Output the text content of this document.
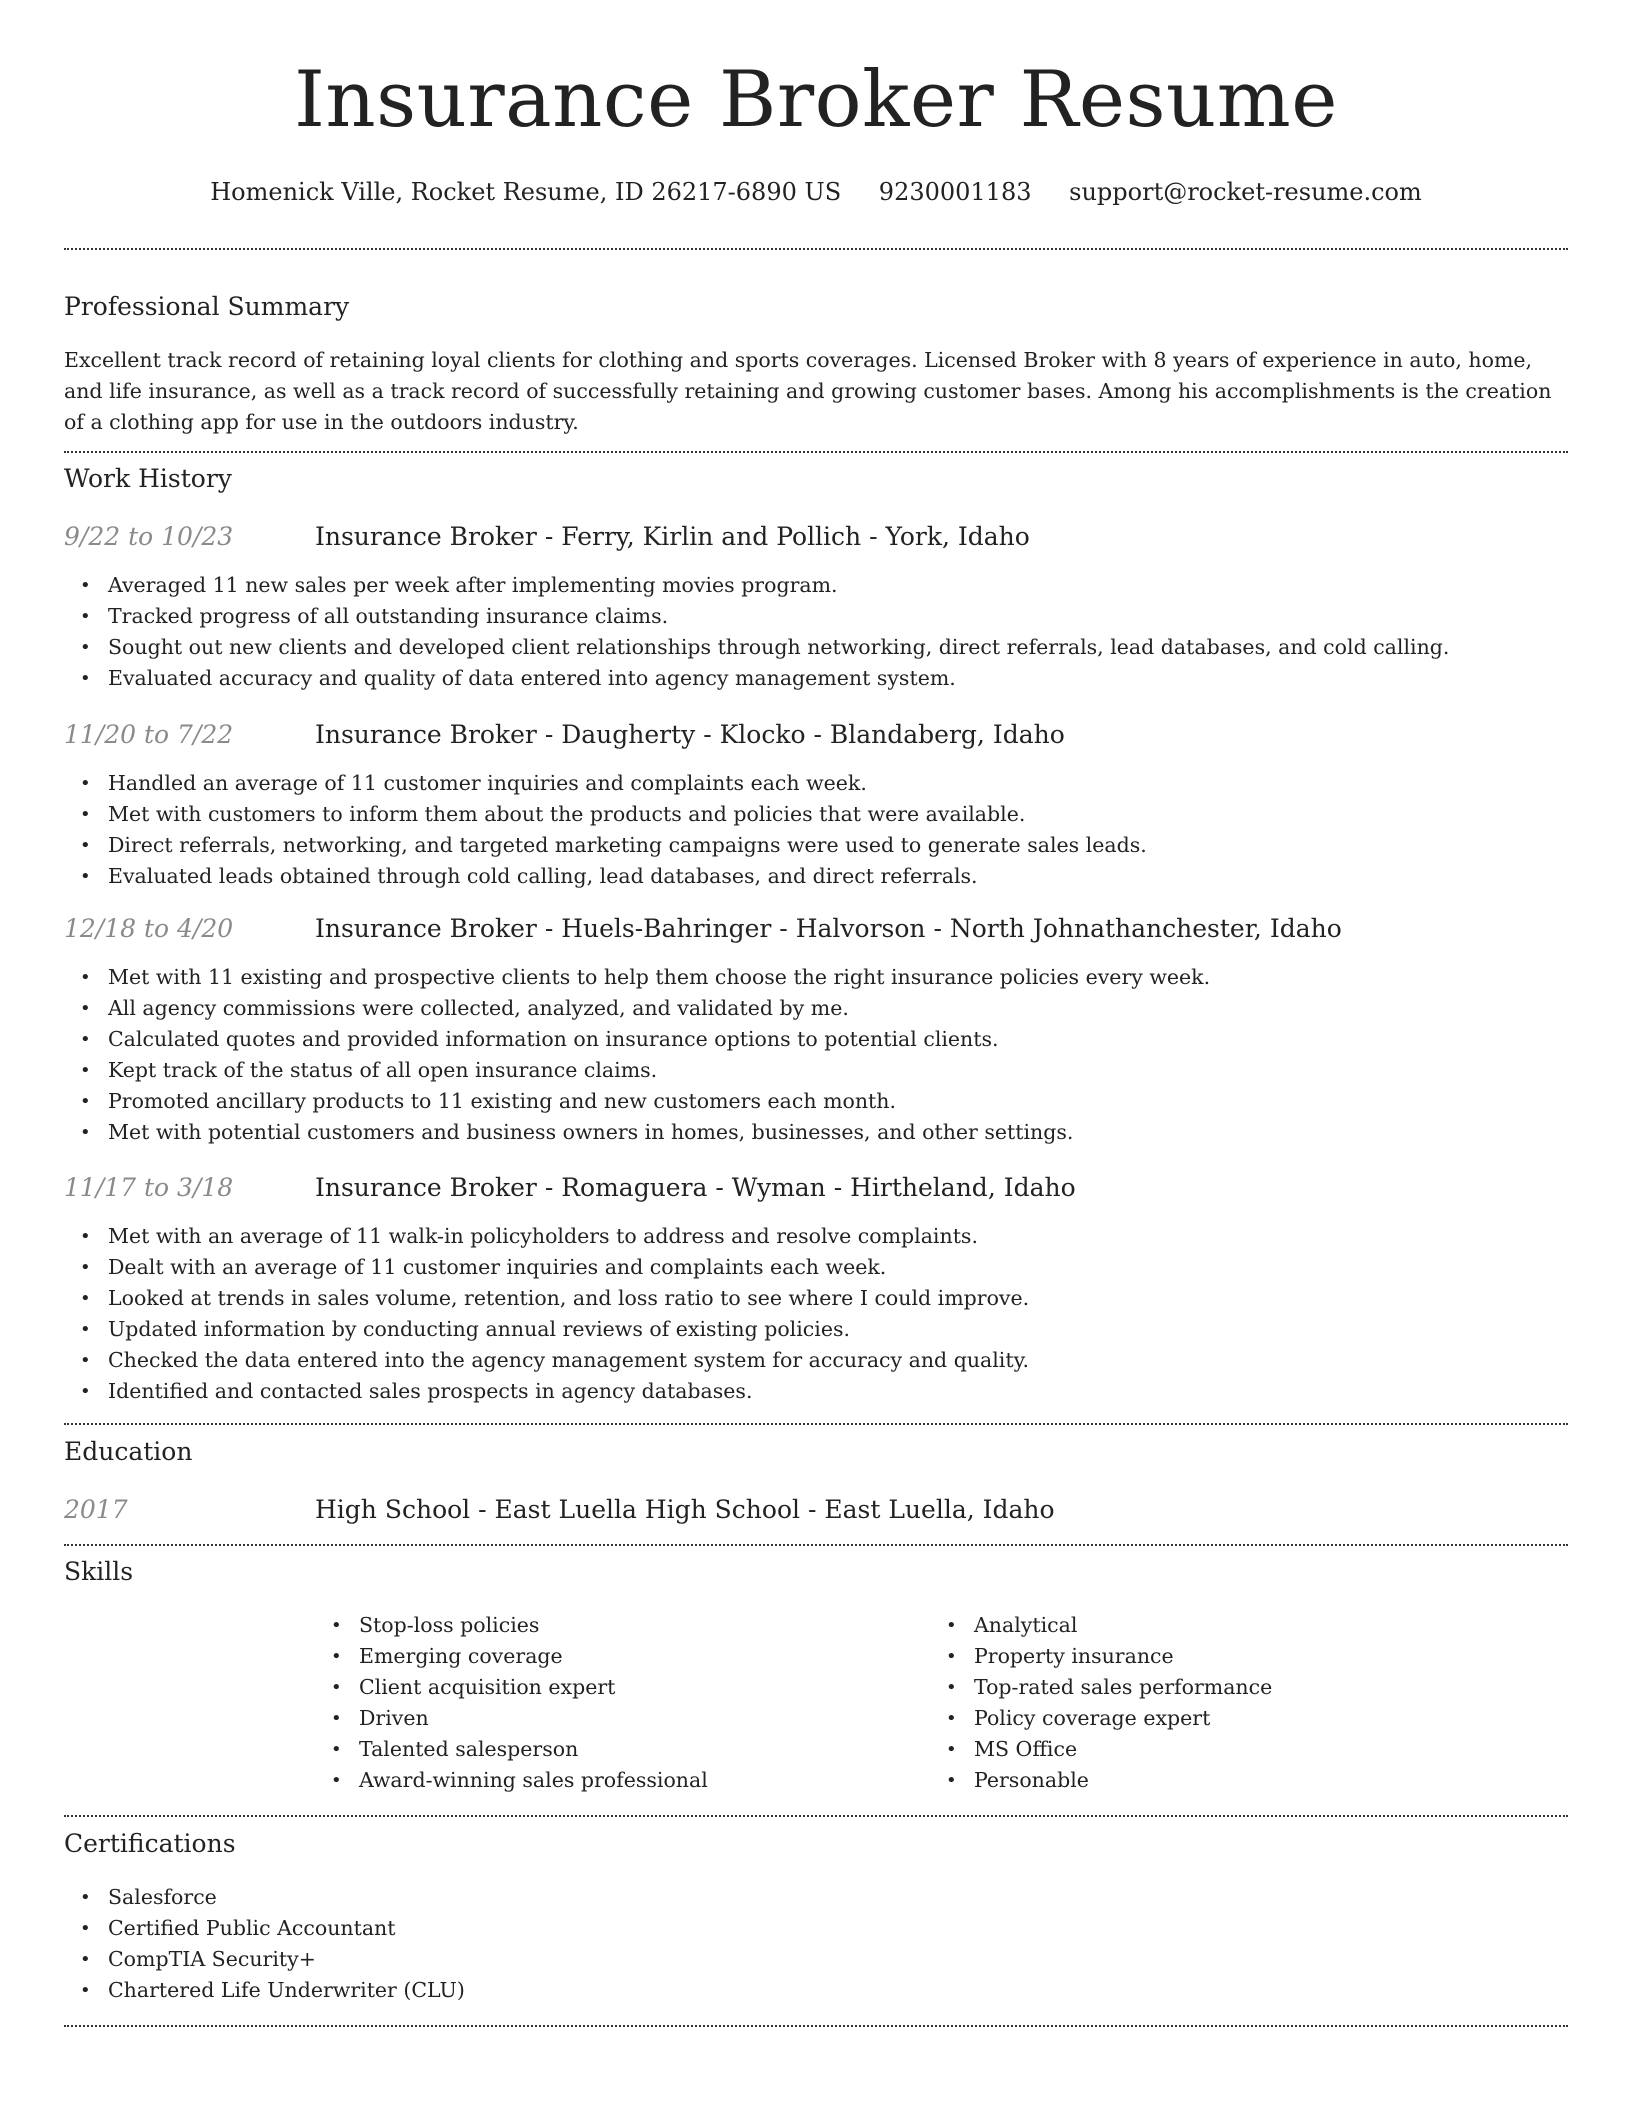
Insurance Broker Resume
Homenick Ville, Rocket Resume, ID 26217-6890 US 9230001183 support@rocket-resume.com
Professional Summary

Excellent track record of retaining loyal clients for clothing and sports coverages. Licensed Broker with 8 years of experience in auto, home, and life insurance, as well as a track record of successfully retaining and growing customer bases. Among his accomplishments is the creation of a clothing app for use in the outdoors industry.

Work History
9/22 to 10/23	Insurance Broker - Ferry, Kirlin and Pollich - York, Idaho
• Averaged 11 new sales per week after implementing movies program.
• Tracked progress of all outstanding insurance claims.
• Sought out new clients and developed client relationships through networking, direct referrals, lead databases, and cold calling.
• Evaluated accuracy and quality of data entered into agency management system.
11/20 to 7/22	Insurance Broker - Daugherty - Klocko - Blandaberg, Idaho
• Handled an average of 11 customer inquiries and complaints each week.
• Met with customers to inform them about the products and policies that were available.
• Direct referrals, networking, and targeted marketing campaigns were used to generate sales leads.
• Evaluated leads obtained through cold calling, lead databases, and direct referrals.
12/18 to 4/20	Insurance Broker - Huels-Bahringer - Halvorson - North Johnathanchester, Idaho
• Met with 11 existing and prospective clients to help them choose the right insurance policies every week.
• All agency commissions were collected, analyzed, and validated by me.
• Calculated quotes and provided information on insurance options to potential clients.
• Kept track of the status of all open insurance claims.
• Promoted ancillary products to 11 existing and new customers each month.
• Met with potential customers and business owners in homes, businesses, and other settings.
11/17 to 3/18	Insurance Broker - Romaguera - Wyman - Hirtheland, Idaho
• Met with an average of 11 walk-in policyholders to address and resolve complaints.
• Dealt with an average of 11 customer inquiries and complaints each week.
• Looked at trends in sales volume, retention, and loss ratio to see where I could improve.
• Updated information by conducting annual reviews of existing policies.
• Checked the data entered into the agency management system for accuracy and quality.
• Identified and contacted sales prospects in agency databases.
Education
2017	High School - East Luella High School - East Luella, Idaho
Skills
• Stop-loss policies
• Emerging coverage
• Client acquisition expert
• Driven
• Talented salesperson
• Award-winning sales professional
• Analytical
• Property insurance
• Top-rated sales performance
• Policy coverage expert
• MS Office
• Personable
Certifications
• Salesforce
• Certified Public Accountant
• CompTIA Security+
• Chartered Life Underwriter (CLU)
